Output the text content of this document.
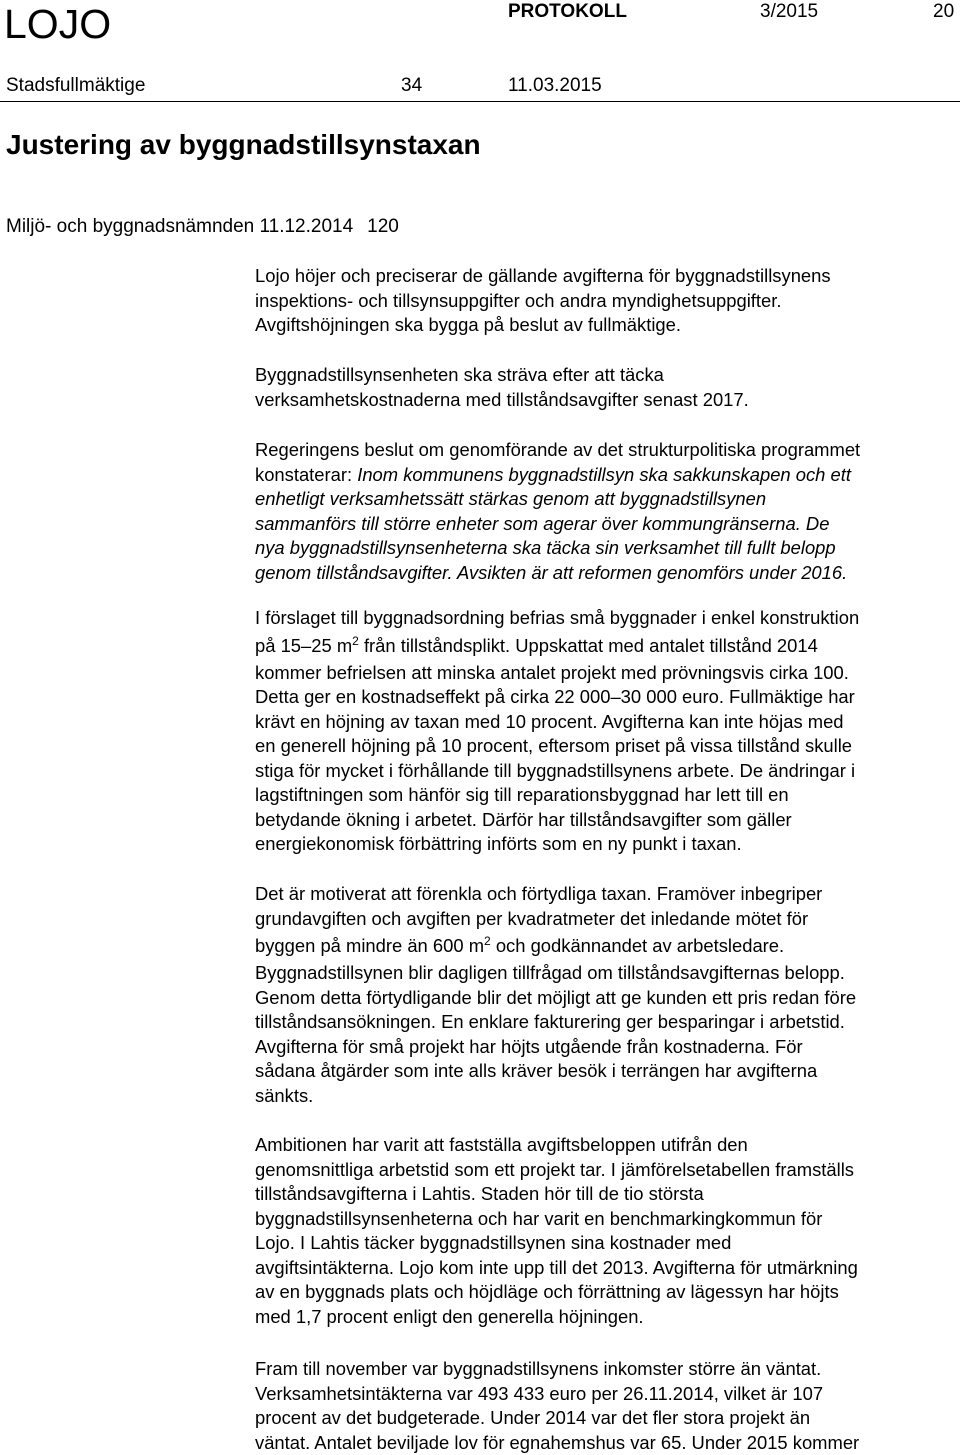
LOJO	PROTOKOLL	3/2015	20
Stadsfullmäktige	34	11.03.2015
Justering av byggnadstillsynstaxan
Miljö- och byggnadsnämnden 11.12.2014 120
Lojo höjer och preciserar de gällande avgifterna för byggnadstillsynens
inspektions- och tillsynsuppgifter och andra myndighetsuppgifter.
Avgiftshöjningen ska bygga på beslut av fullmäktige.
Byggnadstillsynsenheten ska sträva efter att täcka
verksamhetskostnaderna med tillståndsavgifter senast 2017.
Regeringens beslut om genomförande av det strukturpolitiska programmet
konstaterar: Inom kommunens byggnadstillsyn ska sakkunskapen och ett
enhetligt verksamhetssätt stärkas genom att byggnadstillsynen
sammanförs till större enheter som agerar över kommungränserna. De
nya byggnadstillsynsenheterna ska täcka sin verksamhet till fullt belopp
genom tillståndsavgifter. Avsikten är att reformen genomförs under 2016.
I förslaget till byggnadsordning befrias små byggnader i enkel konstruktion
på 15–25 $m^2$ från tillståndsplikt. Uppskattat med antalet tillstånd 2014
kommer befrielsen att minska antalet projekt med prövningsvis cirka 100.
Detta ger en kostnadseffekt på cirka 22 000–30 000 euro. Fullmäktige har
krävt en höjning av taxan med 10 procent. Avgifterna kan inte höjas med
en generell höjning på 10 procent, eftersom priset på vissa tillstånd skulle
stiga för mycket i förhållande till byggnadstillsynens arbete. De ändringar i
lagstiftningen som hänför sig till reparationsbyggnad har lett till en
betydande ökning i arbetet. Därför har tillståndsavgifter som gäller
energiekonomisk förbättring införts som en ny punkt i taxan.
Det är motiverat att förenkla och förtydliga taxan. Framöver inbegriper
grundavgiften och avgiften per kvadratmeter det inledande mötet för
byggen på mindre än 600 $m^2$ och godkännandet av arbetsledare.
Byggnadstillsynen blir dagligen tillfrågad om tillståndsavgifternas belopp.
Genom detta förtydligande blir det möjligt att ge kunden ett pris redan före
tillståndsansökningen. En enklare fakturering ger besparingar i arbetstid.
Avgifterna för små projekt har höjts utgående från kostnaderna. För
sådana åtgärder som inte alls kräver besök i terrängen har avgifterna
sänkts.
Ambitionen har varit att fastställa avgiftsbeloppen utifrån den
genomsnittliga arbetstid som ett projekt tar. I jämförelsetabellen framställs
tillståndsavgifterna i Lahtis. Staden hör till de tio största
byggnadstillsynsenheterna och har varit en benchmarkingkommun för
Lojo. I Lahtis täcker byggnadstillsynen sina kostnader med
avgiftsintäkterna. Lojo kom inte upp till det 2013. Avgifterna för utmärkning
av en byggnads plats och höjdläge och förrättning av lägessyn har höjts
med 1,7 procent enligt den generella höjningen.
Fram till november var byggnadstillsynens inkomster större än väntat.
Verksamhetsintäkterna var 493 433 euro per 26.11.2014, vilket är 107
procent av det budgeterade. Under 2014 var det fler stora projekt än
väntat. Antalet beviljade lov för egnahemshus var 65. Under 2015 kommer
